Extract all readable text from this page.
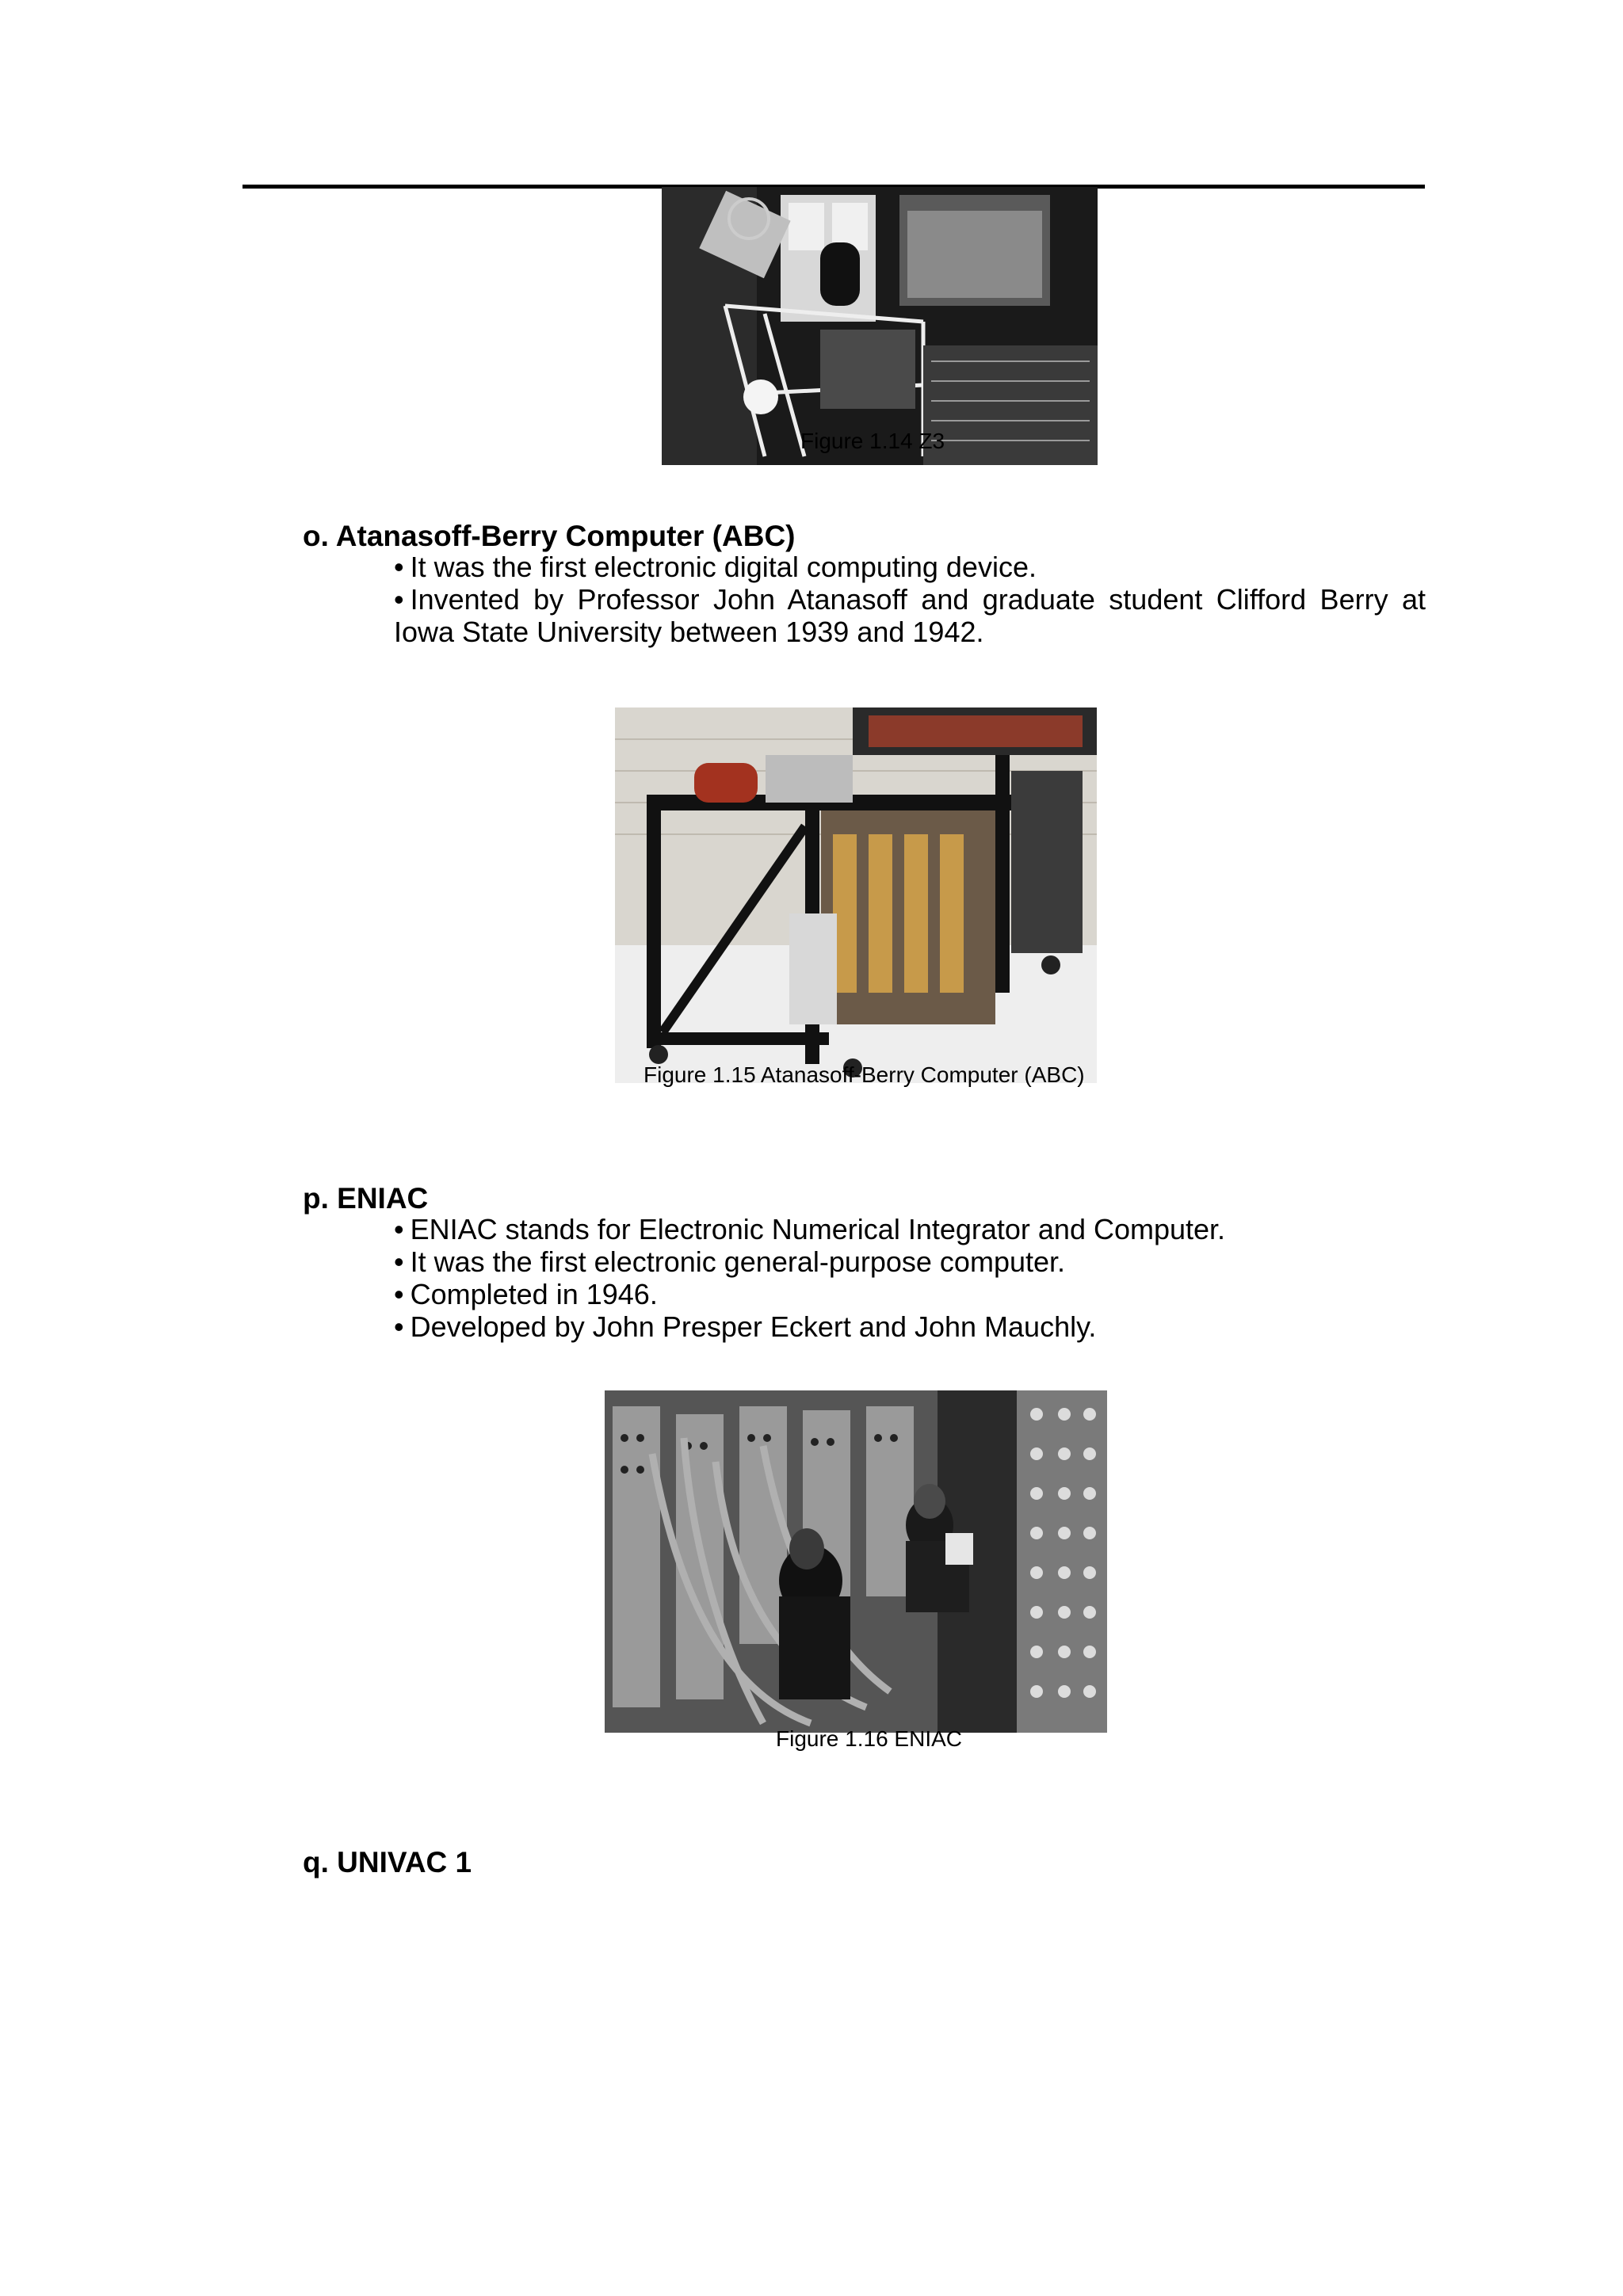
Figure 1.14 Z3
o. Atanasoff-Berry Computer (ABC)
• It was the first electronic digital computing device.
• Invented by Professor John Atanasoff and graduate student Clifford Berry at Iowa State University between 1939 and 1942.
Figure 1.15 Atanasoff-Berry Computer (ABC)
p. ENIAC
• ENIAC stands for Electronic Numerical Integrator and Computer.
• It was the first electronic general-purpose computer.
• Completed in 1946.
• Developed by John Presper Eckert and John Mauchly.
Figure 1.16 ENIAC
q. UNIVAC 1
